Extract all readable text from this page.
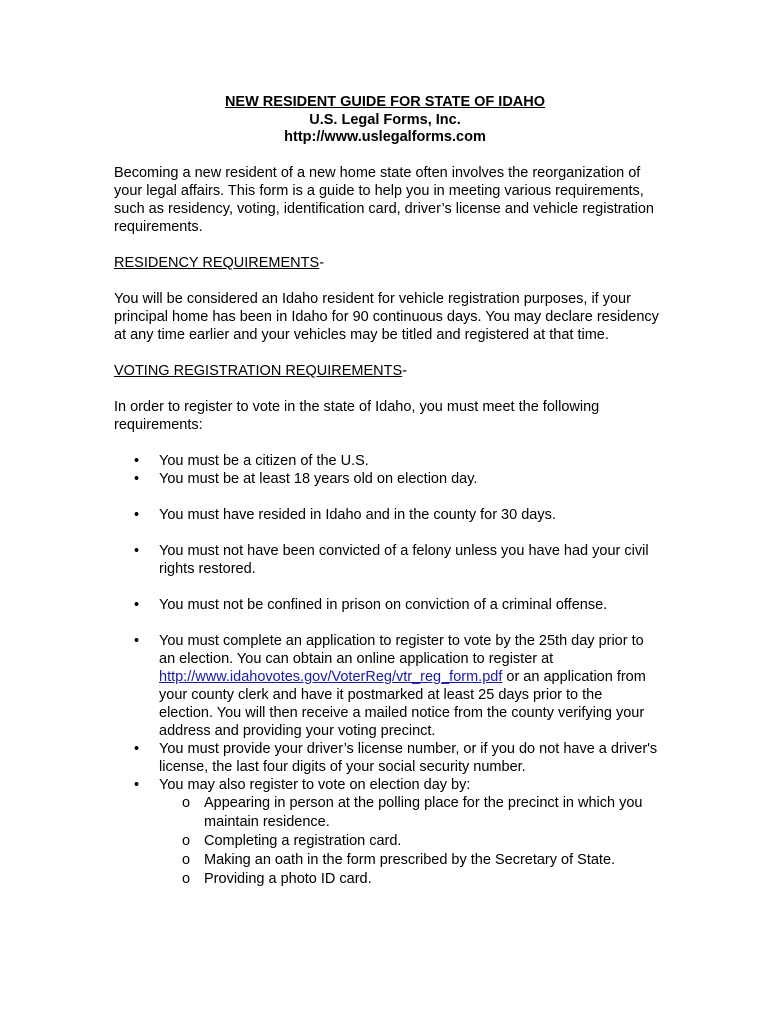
NEW RESIDENT GUIDE FOR STATE OF IDAHO
U.S. Legal Forms, Inc.
http://www.uslegalforms.com

Becoming a new resident of a new home state often involves the reorganization of your legal affairs. This form is a guide to help you in meeting various requirements, such as residency, voting, identification card, driver’s license and vehicle registration requirements.

RESIDENCY REQUIREMENTS-

You will be considered an Idaho resident for vehicle registration purposes, if your principal home has been in Idaho for 90 continuous days. You may declare residency at any time earlier and your vehicles may be titled and registered at that time.

VOTING REGISTRATION REQUIREMENTS-

In order to register to vote in the state of Idaho, you must meet the following requirements:

• You must be a citizen of the U.S.
• You must be at least 18 years old on election day.
• You must have resided in Idaho and in the county for 30 days.
• You must not have been convicted of a felony unless you have had your civil rights restored.
• You must not be confined in prison on conviction of a criminal offense.
• You must complete an application to register to vote by the 25th day prior to an election. You can obtain an online application to register at http://www.idahovotes.gov/VoterReg/vtr_reg_form.pdf or an application from your county clerk and have it postmarked at least 25 days prior to the election. You will then receive a mailed notice from the county verifying your address and providing your voting precinct.
• You must provide your driver’s license number, or if you do not have a driver's license, the last four digits of your social security number.
• You may also register to vote on election day by:
o Appearing in person at the polling place for the precinct in which you maintain residence.
o Completing a registration card.
o Making an oath in the form prescribed by the Secretary of State.
o Providing a photo ID card.
